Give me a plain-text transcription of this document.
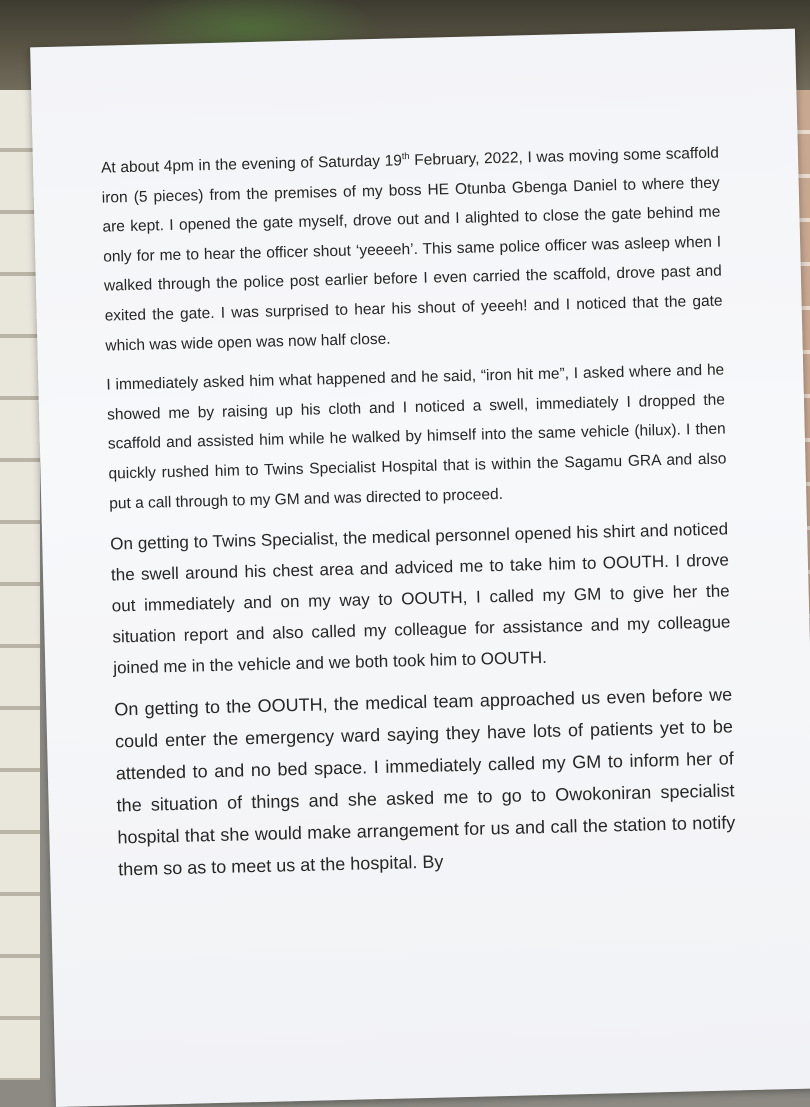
At about 4pm in the evening of Saturday 19th February, 2022, I was moving some scaffold iron (5 pieces) from the premises of my boss HE Otunba Gbenga Daniel to where they are kept. I opened the gate myself, drove out and I alighted to close the gate behind me only for me to hear the officer shout ‘yeeeeh’. This same police officer was asleep when I walked through the police post earlier before I even carried the scaffold, drove past and exited the gate. I was surprised to hear his shout of yeeeh! and I noticed that the gate which was wide open was now half close.

I immediately asked him what happened and he said, “iron hit me”, I asked where and he showed me by raising up his cloth and I noticed a swell, immediately I dropped the scaffold and assisted him while he walked by himself into the same vehicle (hilux). I then quickly rushed him to Twins Specialist Hospital that is within the Sagamu GRA and also put a call through to my GM and was directed to proceed.

On getting to Twins Specialist, the medical personnel opened his shirt and noticed the swell around his chest area and adviced me to take him to OOUTH. I drove out immediately and on my way to OOUTH, I called my GM to give her the situation report and also called my colleague for assistance and my colleague joined me in the vehicle and we both took him to OOUTH.

On getting to the OOUTH, the medical team approached us even before we could enter the emergency ward saying they have lots of patients yet to be attended to and no bed space. I immediately called my GM to inform her of the situation of things and she asked me to go to Owokoniran specialist hospital that she would make arrangement for us and call the station to notify them so as to meet us at the hospital. By
